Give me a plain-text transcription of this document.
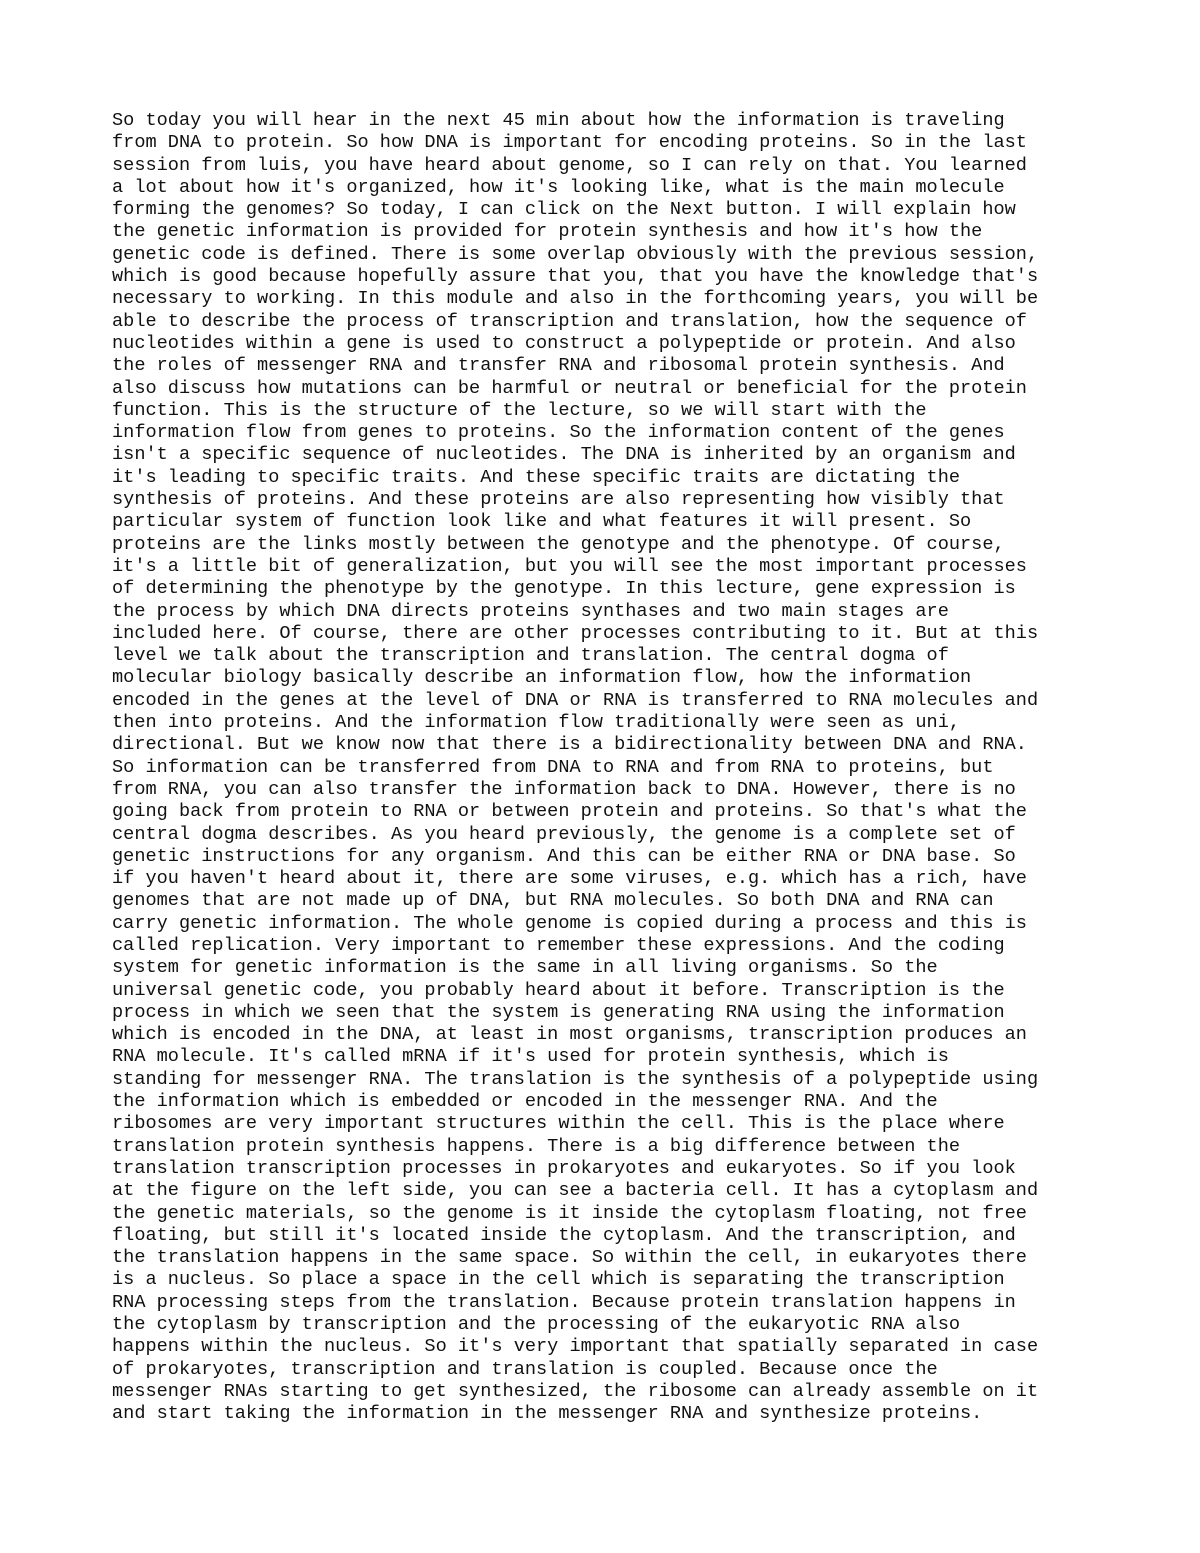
So today you will hear in the next 45 min about how the information is traveling
from DNA to protein. So how DNA is important for encoding proteins. So in the last
session from luis, you have heard about genome, so I can rely on that. You learned
a lot about how it's organized, how it's looking like, what is the main molecule
forming the genomes? So today, I can click on the Next button. I will explain how
the genetic information is provided for protein synthesis and how it's how the
genetic code is defined. There is some overlap obviously with the previous session,
which is good because hopefully assure that you, that you have the knowledge that's
necessary to working. In this module and also in the forthcoming years, you will be
able to describe the process of transcription and translation, how the sequence of
nucleotides within a gene is used to construct a polypeptide or protein. And also
the roles of messenger RNA and transfer RNA and ribosomal protein synthesis. And
also discuss how mutations can be harmful or neutral or beneficial for the protein
function. This is the structure of the lecture, so we will start with the
information flow from genes to proteins. So the information content of the genes
isn't a specific sequence of nucleotides. The DNA is inherited by an organism and
it's leading to specific traits. And these specific traits are dictating the
synthesis of proteins. And these proteins are also representing how visibly that
particular system of function look like and what features it will present. So
proteins are the links mostly between the genotype and the phenotype. Of course,
it's a little bit of generalization, but you will see the most important processes
of determining the phenotype by the genotype. In this lecture, gene expression is
the process by which DNA directs proteins synthases and two main stages are
included here. Of course, there are other processes contributing to it. But at this
level we talk about the transcription and translation. The central dogma of
molecular biology basically describe an information flow, how the information
encoded in the genes at the level of DNA or RNA is transferred to RNA molecules and
then into proteins. And the information flow traditionally were seen as uni,
directional. But we know now that there is a bidirectionality between DNA and RNA.
So information can be transferred from DNA to RNA and from RNA to proteins, but
from RNA, you can also transfer the information back to DNA. However, there is no
going back from protein to RNA or between protein and proteins. So that's what the
central dogma describes. As you heard previously, the genome is a complete set of
genetic instructions for any organism. And this can be either RNA or DNA base. So
if you haven't heard about it, there are some viruses, e.g. which has a rich, have
genomes that are not made up of DNA, but RNA molecules. So both DNA and RNA can
carry genetic information. The whole genome is copied during a process and this is
called replication. Very important to remember these expressions. And the coding
system for genetic information is the same in all living organisms. So the
universal genetic code, you probably heard about it before. Transcription is the
process in which we seen that the system is generating RNA using the information
which is encoded in the DNA, at least in most organisms, transcription produces an
RNA molecule. It's called mRNA if it's used for protein synthesis, which is
standing for messenger RNA. The translation is the synthesis of a polypeptide using
the information which is embedded or encoded in the messenger RNA. And the
ribosomes are very important structures within the cell. This is the place where
translation protein synthesis happens. There is a big difference between the
translation transcription processes in prokaryotes and eukaryotes. So if you look
at the figure on the left side, you can see a bacteria cell. It has a cytoplasm and
the genetic materials, so the genome is it inside the cytoplasm floating, not free
floating, but still it's located inside the cytoplasm. And the transcription, and
the translation happens in the same space. So within the cell, in eukaryotes there
is a nucleus. So place a space in the cell which is separating the transcription
RNA processing steps from the translation. Because protein translation happens in
the cytoplasm by transcription and the processing of the eukaryotic RNA also
happens within the nucleus. So it's very important that spatially separated in case
of prokaryotes, transcription and translation is coupled. Because once the
messenger RNAs starting to get synthesized, the ribosome can already assemble on it
and start taking the information in the messenger RNA and synthesize proteins.
